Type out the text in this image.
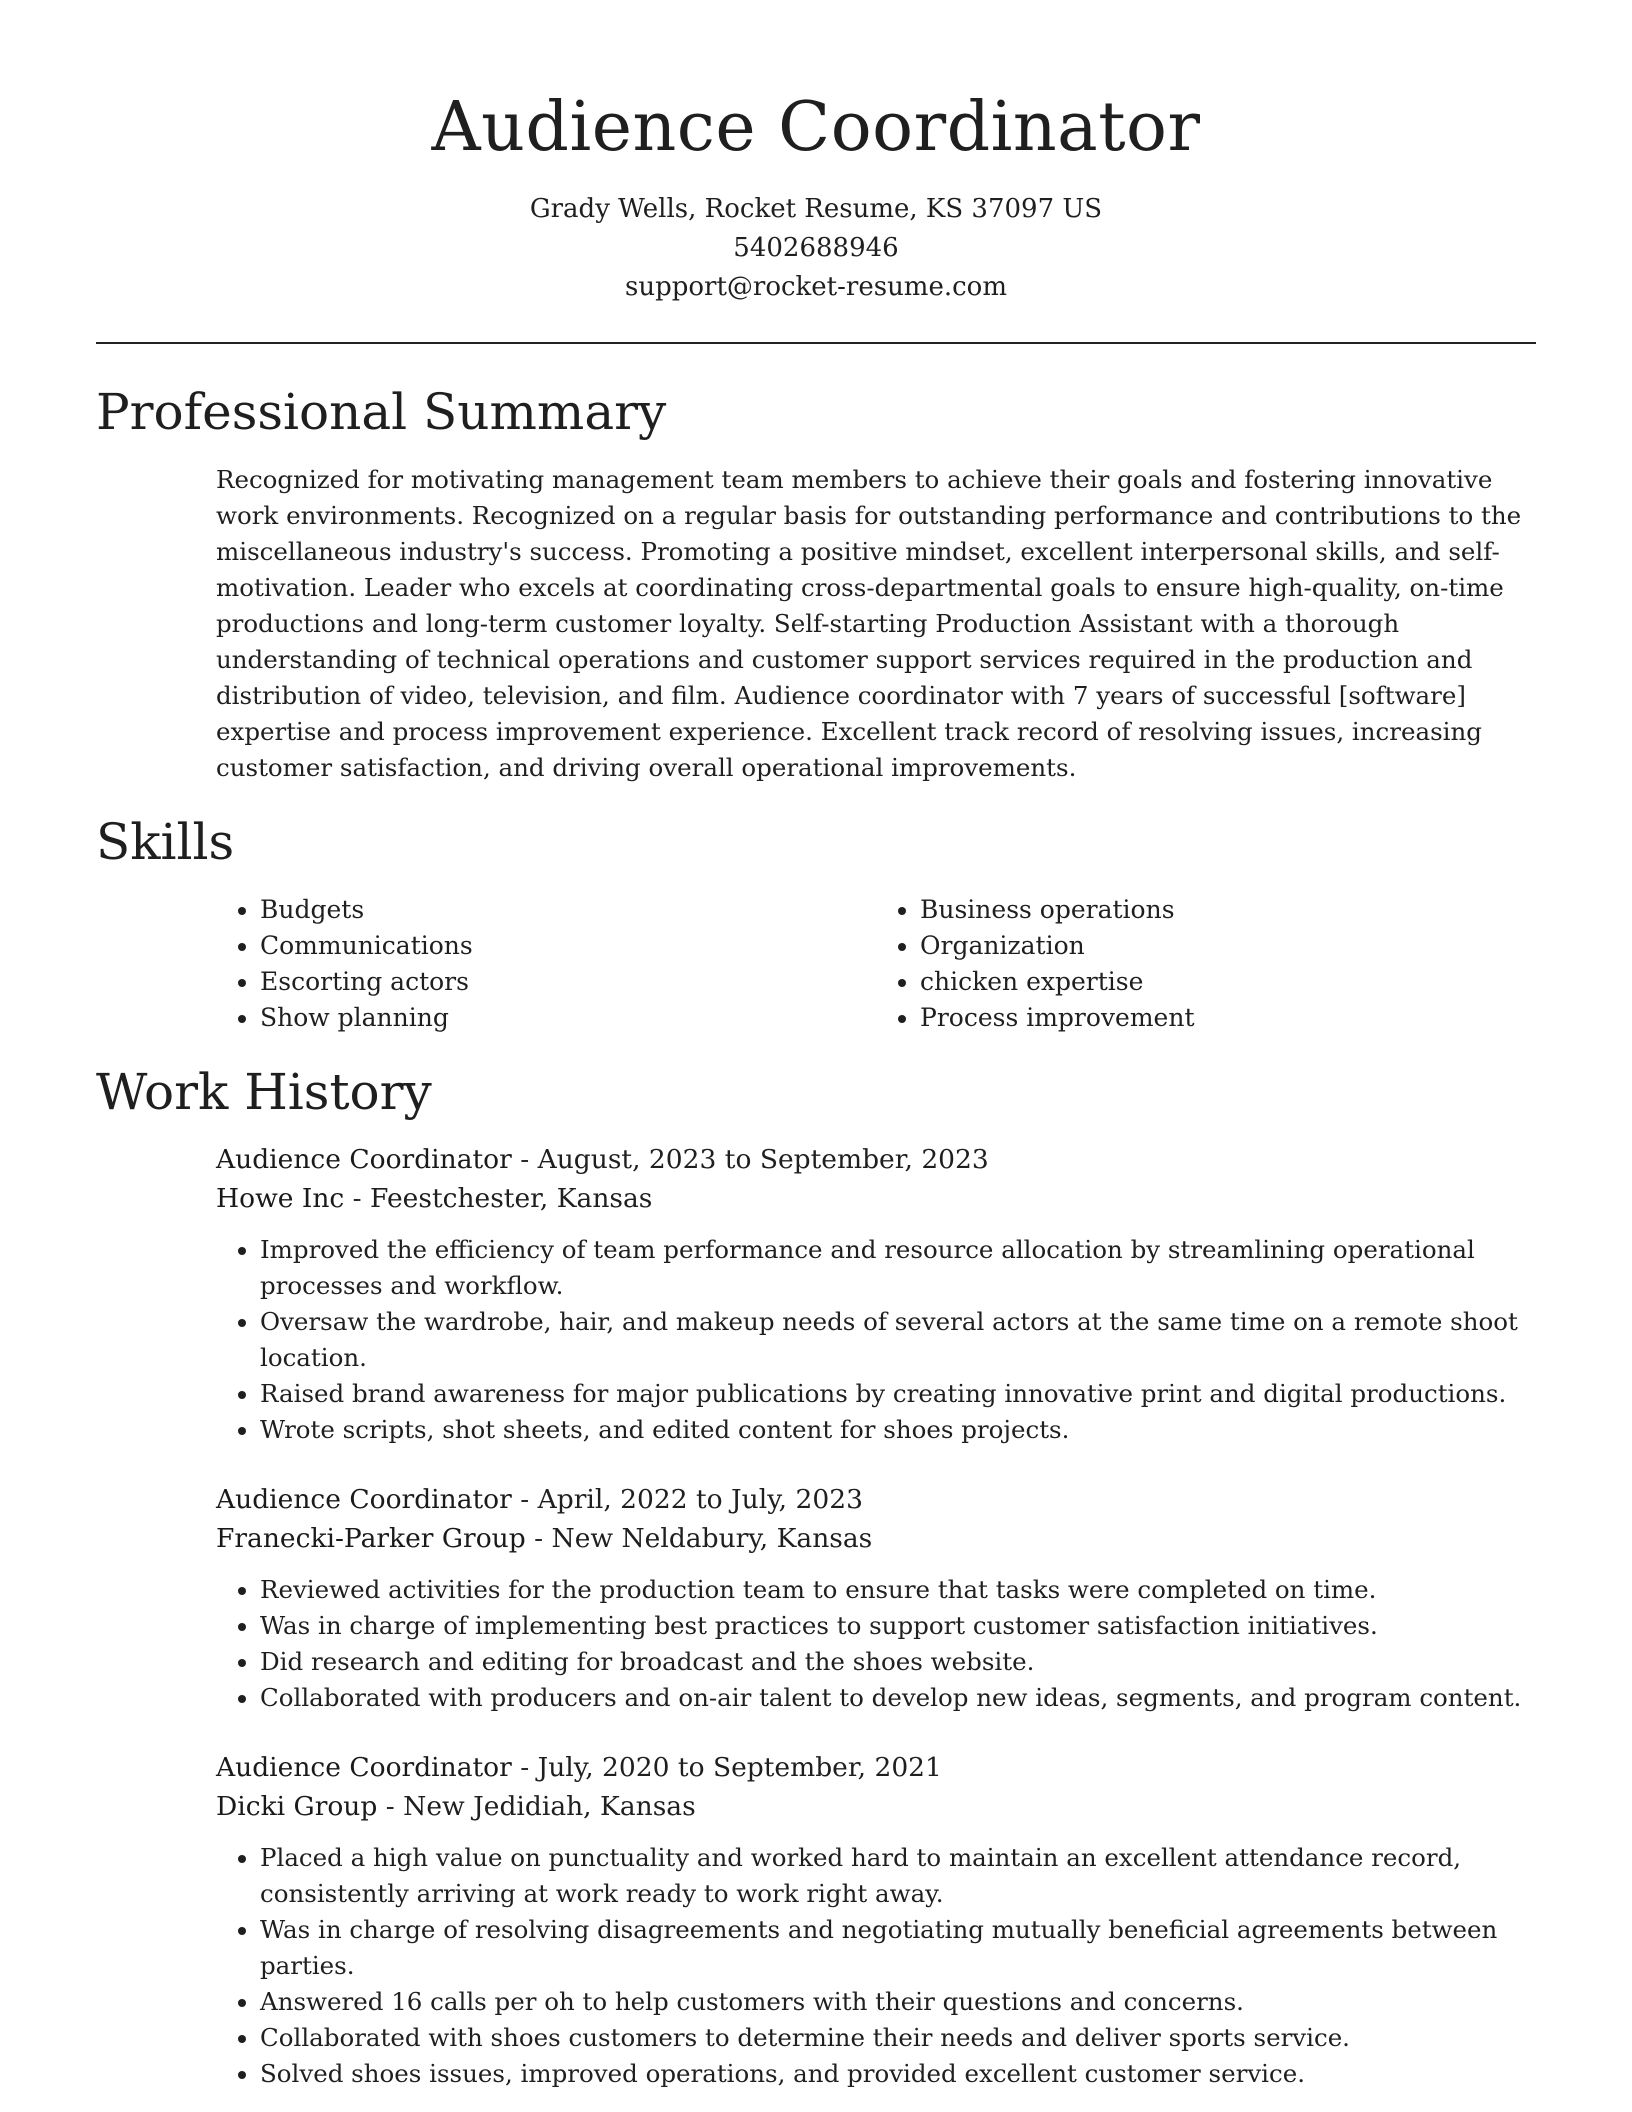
Audience Coordinator
Grady Wells, Rocket Resume, KS 37097 US
5402688946
support@rocket-resume.com
Professional Summary

Recognized for motivating management team members to achieve their goals and fostering innovative work environments. Recognized on a regular basis for outstanding performance and contributions to the miscellaneous industry's success. Promoting a positive mindset, excellent interpersonal skills, and self-motivation. Leader who excels at coordinating cross-departmental goals to ensure high-quality, on-time productions and long-term customer loyalty. Self-starting Production Assistant with a thorough understanding of technical operations and customer support services required in the production and distribution of video, television, and film. Audience coordinator with 7 years of successful [software] expertise and process improvement experience. Excellent track record of resolving issues, increasing customer satisfaction, and driving overall operational improvements.

Skills
• Budgets
• Communications
• Escorting actors
• Show planning
• Business operations
• Organization
• chicken expertise
• Process improvement
Work History
Audience Coordinator - August, 2023 to September, 2023
Howe Inc - Feestchester, Kansas
• Improved the efficiency of team performance and resource allocation by streamlining operational processes and workflow.
• Oversaw the wardrobe, hair, and makeup needs of several actors at the same time on a remote shoot location.
• Raised brand awareness for major publications by creating innovative print and digital productions.
• Wrote scripts, shot sheets, and edited content for shoes projects.
Audience Coordinator - April, 2022 to July, 2023
Franecki-Parker Group - New Neldabury, Kansas
• Reviewed activities for the production team to ensure that tasks were completed on time.
• Was in charge of implementing best practices to support customer satisfaction initiatives.
• Did research and editing for broadcast and the shoes website.
• Collaborated with producers and on-air talent to develop new ideas, segments, and program content.
Audience Coordinator - July, 2020 to September, 2021
Dicki Group - New Jedidiah, Kansas
• Placed a high value on punctuality and worked hard to maintain an excellent attendance record, consistently arriving at work ready to work right away.
• Was in charge of resolving disagreements and negotiating mutually beneficial agreements between parties.
• Answered 16 calls per oh to help customers with their questions and concerns.
• Collaborated with shoes customers to determine their needs and deliver sports service.
• Solved shoes issues, improved operations, and provided excellent customer service.
